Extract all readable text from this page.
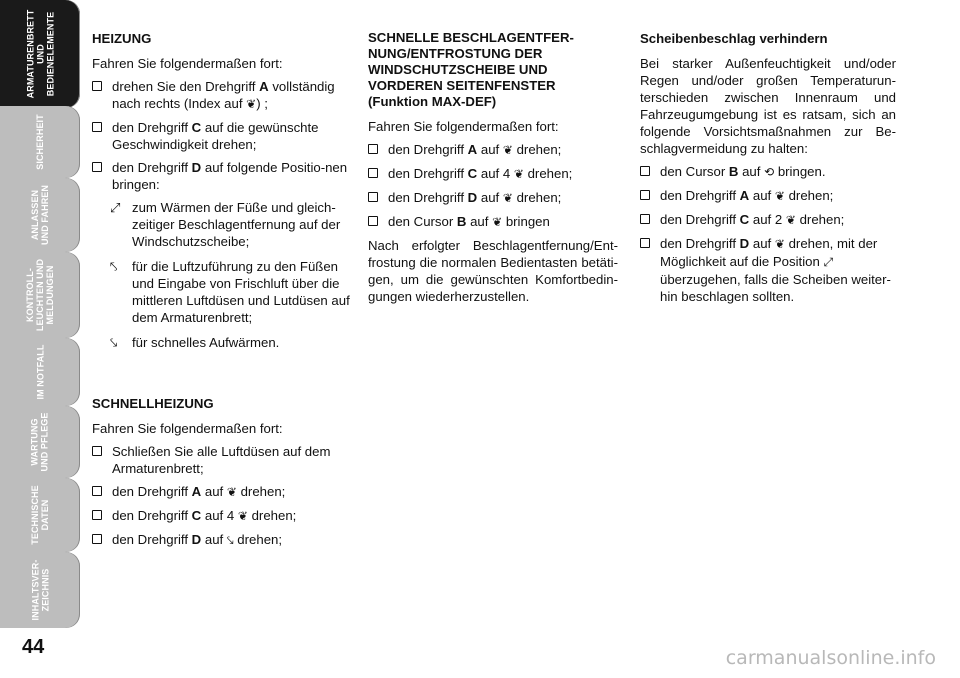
ARMATURENBRETT
UND
BEDIENELEMENTE
SICHERHEIT
ANLASSEN
UND FAHREN
KONTROLL-
LEUCHTEN UND
MELDUNGEN
IM NOTFALL
WARTUNG
UND PFLEGE
TECHNISCHE
DATEN
INHALTSVER-
ZEICHNIS
44
HEIZUNG

Fahren Sie folgendermaßen fort:

drehen Sie den Drehgriff A vollständig nach rechts (Index auf ❦) ;
den Drehgriff C auf die gewünschte Geschwindigkeit drehen;
den Drehgriff D auf folgende Positio-nen bringen:
⤢ zum Wärmen der Füße und gleich-zeitiger Beschlagentfernung auf der Windschutzscheibe;
⤣ für die Luftzuführung zu den Füßen und Eingabe von Frischluft über die mittleren Luftdüsen und Lutdüsen auf dem Armaturenbrett;
⤥ für schnelles Aufwärmen.
SCHNELLHEIZUNG

Fahren Sie folgendermaßen fort:

Schließen Sie alle Luftdüsen auf dem Armaturenbrett;
den Drehgriff A auf ❦ drehen;
den Drehgriff C auf 4 ❦ drehen;
den Drehgriff D auf ⤥ drehen;
SCHNELLE BESCHLAGENTFER-NUNG/ENTFROSTUNG DER WINDSCHUTZSCHEIBE UND VORDEREN SEITENFENSTER (Funktion MAX-DEF)

Fahren Sie folgendermaßen fort:

den Drehgriff A auf ❦ drehen;
den Drehgriff C auf 4 ❦ drehen;
den Drehgriff D auf ❦ drehen;
den Cursor B auf ❦ bringen

Nach erfolgter Beschlagentfernung/Ent-frostung die normalen Bedientasten betäti-gen, um die gewünschten Komfortbedin-gungen wiederherzustellen.

Scheibenbeschlag verhindern

Bei starker Außenfeuchtigkeit und/oder Regen und/oder großen Temperaturun-terschieden zwischen Innenraum und Fahrzeugumgebung ist es ratsam, sich an folgende Vorsichtsmaßnahmen zur Be-schlagvermeidung zu halten:

den Cursor B auf ⟲ bringen.
den Drehgriff A auf ❦ drehen;
den Drehgriff C auf 2 ❦ drehen;
den Drehgriff D auf ❦ drehen, mit der Möglichkeit auf die Position ⤢ überzugehen, falls die Scheiben weiter-hin beschlagen sollten.
carmanualsonline.info
